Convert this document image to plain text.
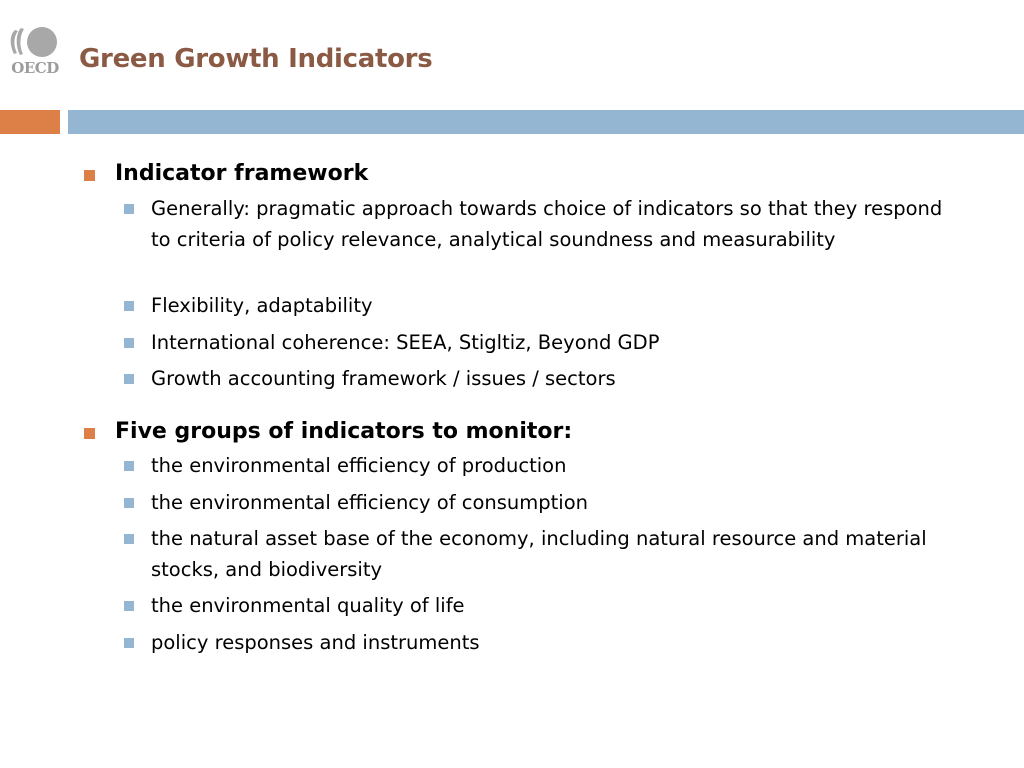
OECD Green Growth Indicators
Indicator framework
Generally: pragmatic approach towards choice of indicators so that they respond to criteria of policy relevance, analytical soundness and measurability
Flexibility, adaptability
International coherence: SEEA, Stigltiz, Beyond GDP
Growth accounting framework / issues / sectors
Five groups of indicators to monitor:
the environmental efficiency of production
the environmental efficiency of consumption
the natural asset base of the economy, including natural resource and material stocks, and biodiversity
the environmental quality of life
policy responses and instruments
